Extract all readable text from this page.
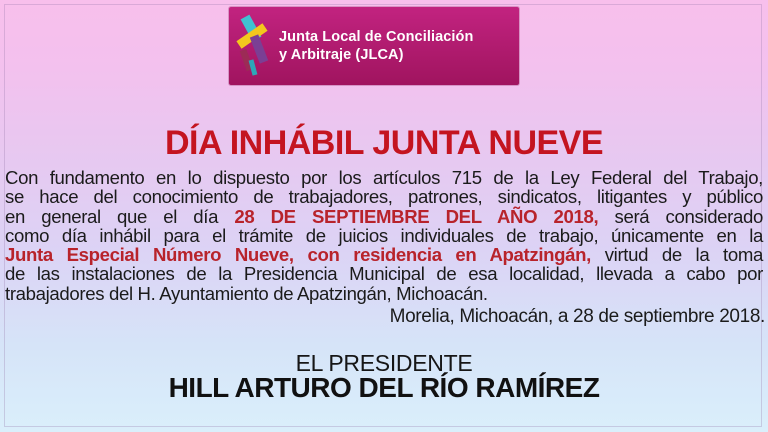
Junta Local de Conciliación
y Arbitraje (JLCA)
DÍA INHÁBIL JUNTA NUEVE
Con fundamento en lo dispuesto por los artículos 715 de la Ley Federal del Trabajo,
se hace del conocimiento de trabajadores, patrones, sindicatos, litigantes y público
en general que el día 28 DE SEPTIEMBRE DEL AÑO 2018, será considerado
como día inhábil para el trámite de juicios individuales de trabajo, únicamente en la
Junta Especial Número Nueve, con residencia en Apatzingán, virtud de la toma
de las instalaciones de la Presidencia Municipal de esa localidad, llevada a cabo por
trabajadores del H. Ayuntamiento de Apatzingán, Michoacán.
Morelia, Michoacán, a 28 de septiembre 2018.
EL PRESIDENTE
HILL ARTURO DEL RÍO RAMÍREZ
